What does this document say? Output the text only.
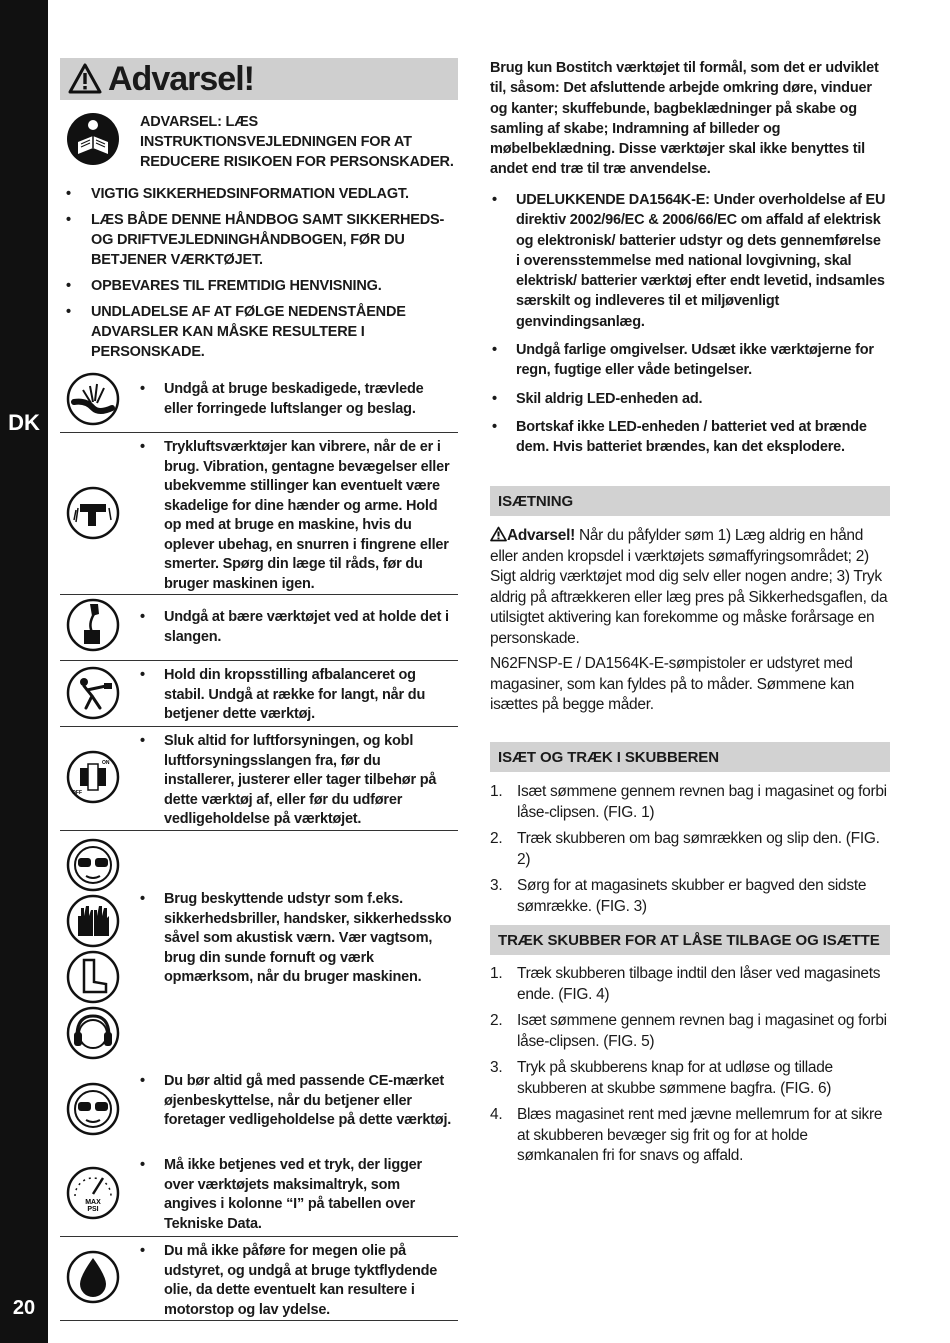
DK
20
Advarsel!
ADVARSEL: LÆS INSTRUKTIONSVEJLEDNINGEN FOR AT REDUCERE RISIKOEN FOR PERSONSKADER.
• VIGTIG SIKKERHEDSINFORMATION VEDLAGT.
• LÆS BÅDE DENNE HÅNDBOG SAMT SIKKERHEDS- OG DRIFTVEJLEDNINGHÅNDBOGEN, FØR DU BETJENER VÆRKTØJET.
• OPBEVARES TIL FREMTIDIG HENVISNING.
• UNDLADELSE AF AT FØLGE NEDENSTÅENDE ADVARSLER KAN MÅSKE RESULTERE I PERSONSKADE.
• Undgå at bruge beskadigede, trævlede eller forringede luftslanger og beslag.
• Trykluftsværktøjer kan vibrere, når de er i brug. Vibration, gentagne bevægelser eller ubekvemme stillinger kan eventuelt være skadelige for dine hænder og arme. Hold op med at bruge en maskine, hvis du oplever ubehag, en snurren i fingrene eller smerter. Spørg din læge til råds, før du bruger maskinen igen.
• Undgå at bære værktøjet ved at holde det i slangen.
• Hold din kropsstilling afbalanceret og stabil. Undgå at række for langt, når du betjener dette værktøj.
ON
OFF
• Sluk altid for luftforsyningen, og kobl luftforsyningsslangen fra, før du installerer, justerer eller tager tilbehør på dette værktøj af, eller før du udfører vedligeholdelse på værktøjet.
• Brug beskyttende udstyr som f.eks. sikkerhedsbriller, handsker, sikkerhedssko såvel som akustisk værn. Vær vagtsom, brug din sunde fornuft og værk opmærksom, når du bruger maskinen.
• Du bør altid gå med passende CE-mærket øjenbeskyttelse, når du betjener eller foretager vedligeholdelse på dette værktøj.
MAX
PSI
• Må ikke betjenes ved et tryk, der ligger over værktøjets maksimaltryk, som angives i kolonne “I” på tabellen over Tekniske Data.
• Du må ikke påføre for megen olie på udstyret, og undgå at bruge tyktflydende olie, da dette eventuelt kan resultere i motorstop og lav ydelse.
Brug kun Bostitch værktøjet til formål, som det er udviklet til, såsom: Det afsluttende arbejde omkring døre, vinduer og kanter; skuffebunde, bagbeklædninger på skabe og samling af skabe; Indramning af billeder og møbelbeklædning. Disse værktøjer skal ikke benyttes til andet end træ til træ anvendelse.
• UDELUKKENDE DA1564K-E: Under overholdelse af EU direktiv 2002/96/EC & 2006/66/EC om affald af elektrisk og elektronisk/ batterier udstyr og dets gennemførelse i overensstemmelse med national lovgivning, skal elektrisk/ batterier værktøj efter endt levetid, indsamles særskilt og indleveres til et miljøvenligt genvindingsanlæg.
• Undgå farlige omgivelser. Udsæt ikke værktøjerne for regn, fugtige eller våde betingelser.
• Skil aldrig LED-enheden ad.
• Bortskaf ikke LED-enheden / batteriet ved at brænde dem. Hvis batteriet brændes, kan det eksplodere.
ISÆTNING
Advarsel! Når du påfylder søm 1) Læg aldrig en hånd eller anden kropsdel i værktøjets sømaffyringsområdet; 2) Sigt aldrig værktøjet mod dig selv eller nogen andre; 3) Tryk aldrig på aftrækkeren eller læg pres på Sikkerhedsgaflen, da utilsigtet aktivering kan forekomme og måske forårsage en personskade.
N62FNSP-E / DA1564K-E-sømpistoler er udstyret med magasiner, som kan fyldes på to måder. Sømmene kan isættes på begge måder.
ISÆT OG TRÆK I SKUBBEREN
1. Isæt sømmene gennem revnen bag i magasinet og forbi låse-clipsen. (FIG. 1)
2. Træk skubberen om bag sømrækken og slip den. (FIG. 2)
3. Sørg for at magasinets skubber er bagved den sidste sømrække. (FIG. 3)
TRÆK SKUBBER FOR AT LÅSE TILBAGE OG ISÆTTE
1. Træk skubberen tilbage indtil den låser ved magasinets ende. (FIG. 4)
2. Isæt sømmene gennem revnen bag i magasinet og forbi låse-clipsen. (FIG. 5)
3. Tryk på skubberens knap for at udløse og tillade skubberen at skubbe sømmene bagfra. (FIG. 6)
4. Blæs magasinet rent med jævne mellemrum for at sikre at skubberen bevæger sig frit og for at holde sømkanalen fri for snavs og affald.
